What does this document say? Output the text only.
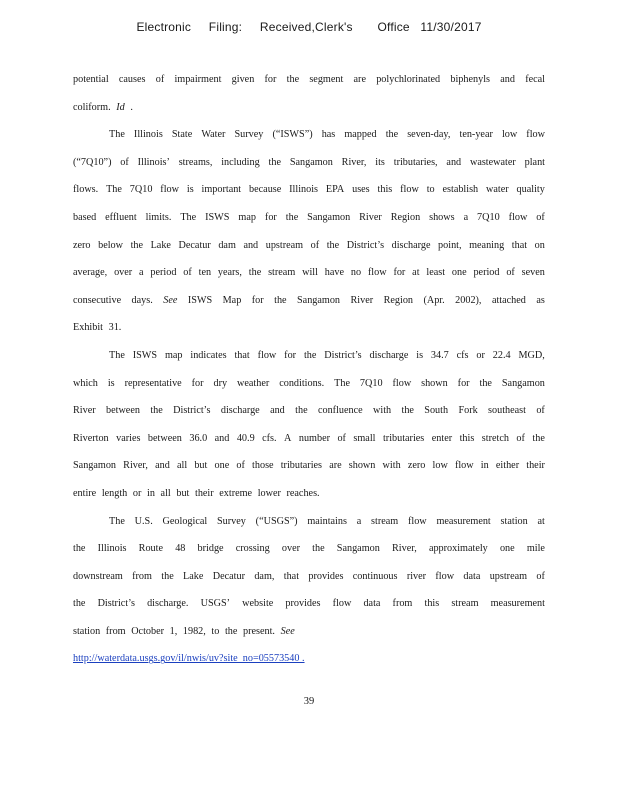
Electronic     Filing:     Received,Clerk's       Office   11/30/2017
potential causes of impairment given for the segment are polychlorinated biphenyls and fecal
coliform. Id .
The Illinois State Water Survey (“ISWS”) has mapped the seven-day, ten-year low flow
(“7Q10”) of Illinois’ streams, including the Sangamon River, its tributaries, and wastewater plant
flows. The 7Q10 flow is important because Illinois EPA uses this flow to establish water quality
based effluent limits. The ISWS map for the Sangamon River Region shows a 7Q10 flow of
zero below the Lake Decatur dam and upstream of the District’s discharge point, meaning that on
average, over a period of ten years, the stream will have no flow for at least one period of seven
consecutive days. See ISWS Map for the Sangamon River Region (Apr. 2002), attached as
Exhibit 31.
The ISWS map indicates that flow for the District’s discharge is 34.7 cfs or 22.4 MGD,
which is representative for dry weather conditions. The 7Q10 flow shown for the Sangamon
River between the District’s discharge and the confluence with the South Fork southeast of
Riverton varies between 36.0 and 40.9 cfs. A number of small tributaries enter this stretch of the
Sangamon River, and all but one of those tributaries are shown with zero low flow in either their
entire length or in all but their extreme lower reaches.
The U.S. Geological Survey (“USGS”) maintains a stream flow measurement station at
the Illinois Route 48 bridge crossing over the Sangamon River, approximately one mile
downstream from the Lake Decatur dam, that provides continuous river flow data upstream of
the District’s discharge. USGS’ website provides flow data from this stream measurement
station from October 1, 1982, to the present. See
http://waterdata.usgs.gov/il/nwis/uv?site_no=05573540 .
39
